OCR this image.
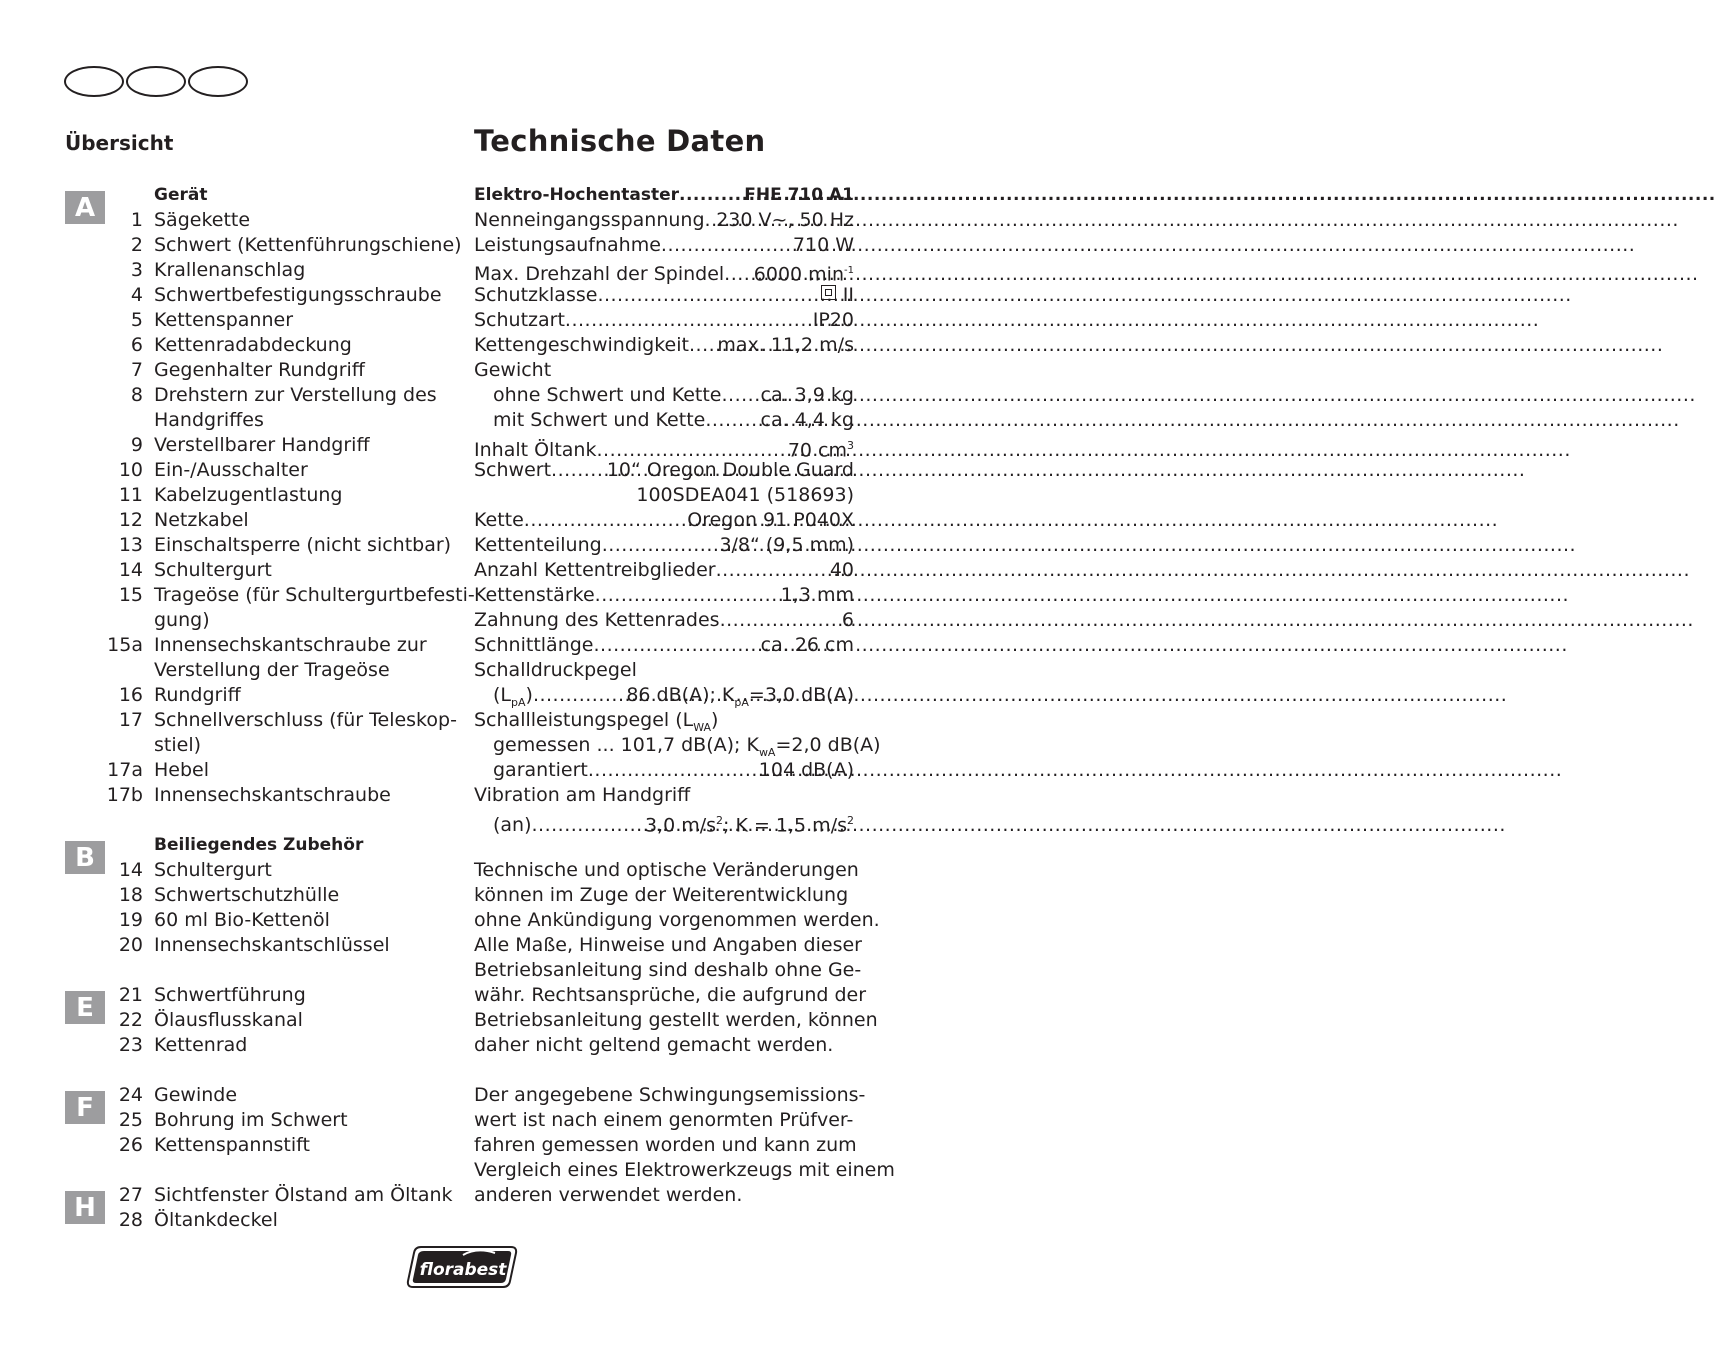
Übersicht	Technische Daten
A	Gerät
1 Sägekette
2 Schwert (Kettenführungschiene)
3 Krallenanschlag
4 Schwertbefestigungsschraube
5 Kettenspanner
6 Kettenradabdeckung
7 Gegenhalter Rundgriff
8 Drehstern zur Verstellung des
Handgriffes
9 Verstellbarer Handgriff
10 Ein-/Ausschalter
11 Kabelzugentlastung
12 Netzkabel
13 Einschaltsperre (nicht sichtbar)
14 Schultergurt
15 Trageöse (für Schultergurtbefesti-
gung)
15a Innensechskantschraube zur
Verstellung der Trageöse
16 Rundgriff
17 Schnellverschluss (für Teleskop-
stiel)
17a Hebel
17b Innensechskantschraube
B	Beiliegendes Zubehör
14 Schultergurt
18 Schwertschutzhülle
19 60 ml Bio-Kettenöl
20 Innensechskantschlüssel
E	21 Schwertführung
22 Ölausflusskanal
23 Kettenrad
F	24 Gewinde
25 Bohrung im Schwert
26 Kettenspannstift
H	27 Sichtfenster Ölstand am Öltank
28 Öltankdeckel
Elektro-Hochentaster .....	FHE 710 A1
Nenneingangsspannung ..... 230 V~, 50 Hz
Leistungsaufnahme .....	710 W
Max. Drehzahl der Spindel ..... 6000 $\min^{-1}$
Schutzklasse .....	II
Schutzart .....	IP20
Kettengeschwindigkeit ..... max. 11,2 m/s
Gewicht
ohne Schwert und Kette ..... ca. 3,9 kg
mit Schwert und Kette .....	ca. 4,4 kg
Inhalt Öltank .....	70 $cm^3$
Schwert .....	10“ Oregon Double Guard
100SDEA041 (518693)
Kette .....	Oregon 91 P040X
Kettenteilung .....	3/8“ (9,5 mm)
Anzahl Kettentreibglieder .....	40
Kettenstärke .....	1,3 mm
Zahnung des Kettenrades .....	6
Schnittlänge .....	ca. 26 cm
Schalldruckpegel
$(L_{pA})$ .....	86 dB(A); $K_{pA}=3,0$ dB(A)
Schallleistungspegel $(L_{WA})$
gemessen ... 101,7 dB(A); $K_{wA}=2,0$ dB(A)
garantiert .....	104 dB(A)
Vibration am Handgriff
(an) .....	3,0 $m/s^2$; K = 1,5 $m/s^2$

Technische und optische Veränderungen
können im Zuge der Weiterentwicklung
ohne Ankündigung vorgenommen werden.
Alle Maße, Hinweise und Angaben dieser
Betriebsanleitung sind deshalb ohne Ge-
währ. Rechtsansprüche, die aufgrund der
Betriebsanleitung gestellt werden, können
daher nicht geltend gemacht werden.

Der angegebene Schwingungsemissions-
wert ist nach einem genormten Prüfver-
fahren gemessen worden und kann zum
Vergleich eines Elektrowerkzeugs mit einem
anderen verwendet werden.

florabest
